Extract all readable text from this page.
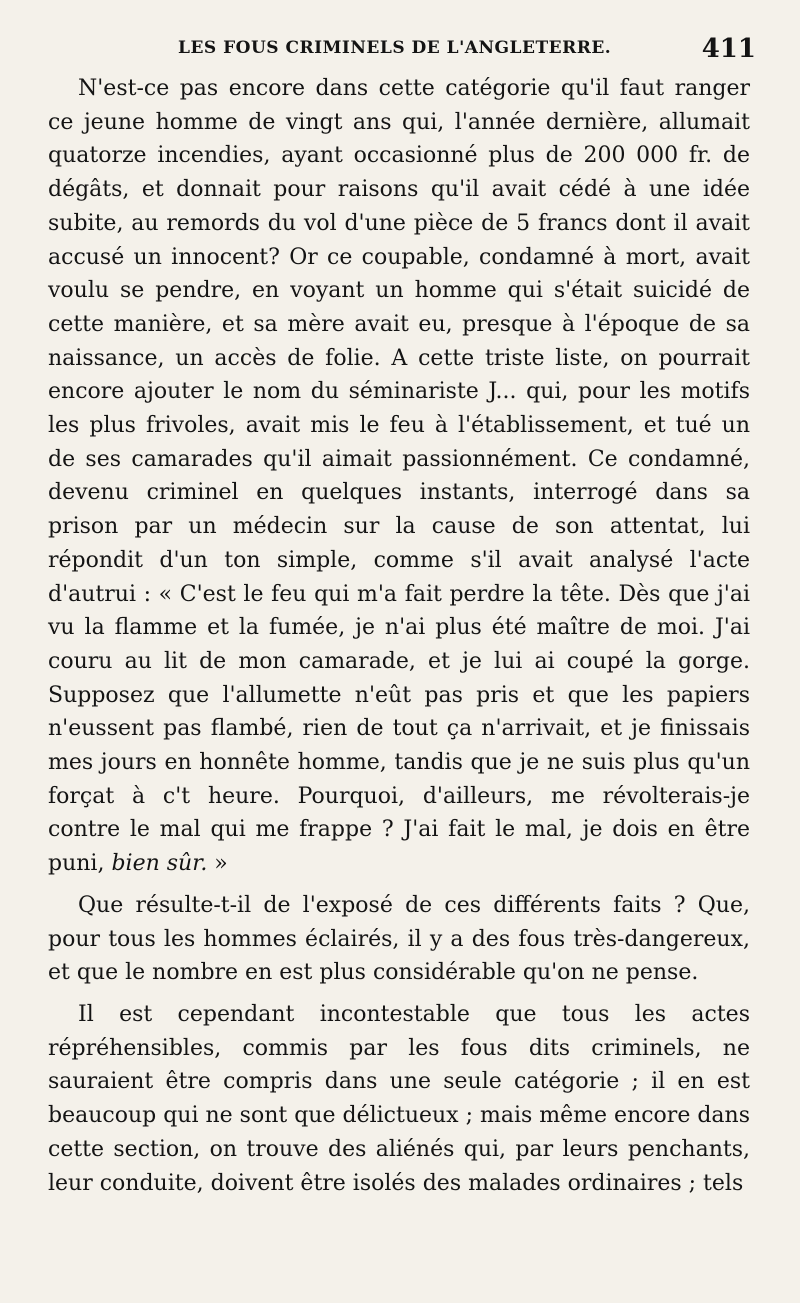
LES FOUS CRIMINELS DE L'ANGLETERRE.	411

N'est-ce pas encore dans cette catégorie qu'il faut ranger ce jeune homme de vingt ans qui, l'année dernière, allumait quatorze incendies, ayant occasionné plus de 200 000 fr. de dégâts, et donnait pour raisons qu'il avait cédé à une idée subite, au remords du vol d'une pièce de 5 francs dont il avait accusé un innocent? Or ce coupable, condamné à mort, avait voulu se pendre, en voyant un homme qui s'était suicidé de cette manière, et sa mère avait eu, presque à l'époque de sa naissance, un accès de folie. A cette triste liste, on pourrait encore ajouter le nom du séminariste J... qui, pour les motifs les plus frivoles, avait mis le feu à l'établissement, et tué un de ses camarades qu'il aimait passionnément. Ce condamné, devenu criminel en quelques instants, interrogé dans sa prison par un médecin sur la cause de son attentat, lui répondit d'un ton simple, comme s'il avait analysé l'acte d'autrui : « C'est le feu qui m'a fait perdre la tête. Dès que j'ai vu la flamme et la fumée, je n'ai plus été maître de moi. J'ai couru au lit de mon camarade, et je lui ai coupé la gorge. Supposez que l'allumette n'eût pas pris et que les papiers n'eussent pas flambé, rien de tout ça n'arrivait, et je finissais mes jours en honnête homme, tandis que je ne suis plus qu'un forçat à c't heure. Pourquoi, d'ailleurs, me révolterais-je contre le mal qui me frappe ? J'ai fait le mal, je dois en être puni, bien sûr. »

Que résulte-t-il de l'exposé de ces différents faits ? Que, pour tous les hommes éclairés, il y a des fous très-dangereux, et que le nombre en est plus considérable qu'on ne pense.

Il est cependant incontestable que tous les actes répréhensibles, commis par les fous dits criminels, ne sauraient être compris dans une seule catégorie ; il en est beaucoup qui ne sont que délictueux ; mais même encore dans cette section, on trouve des aliénés qui, par leurs penchants, leur conduite, doivent être isolés des malades ordinaires ; tels
